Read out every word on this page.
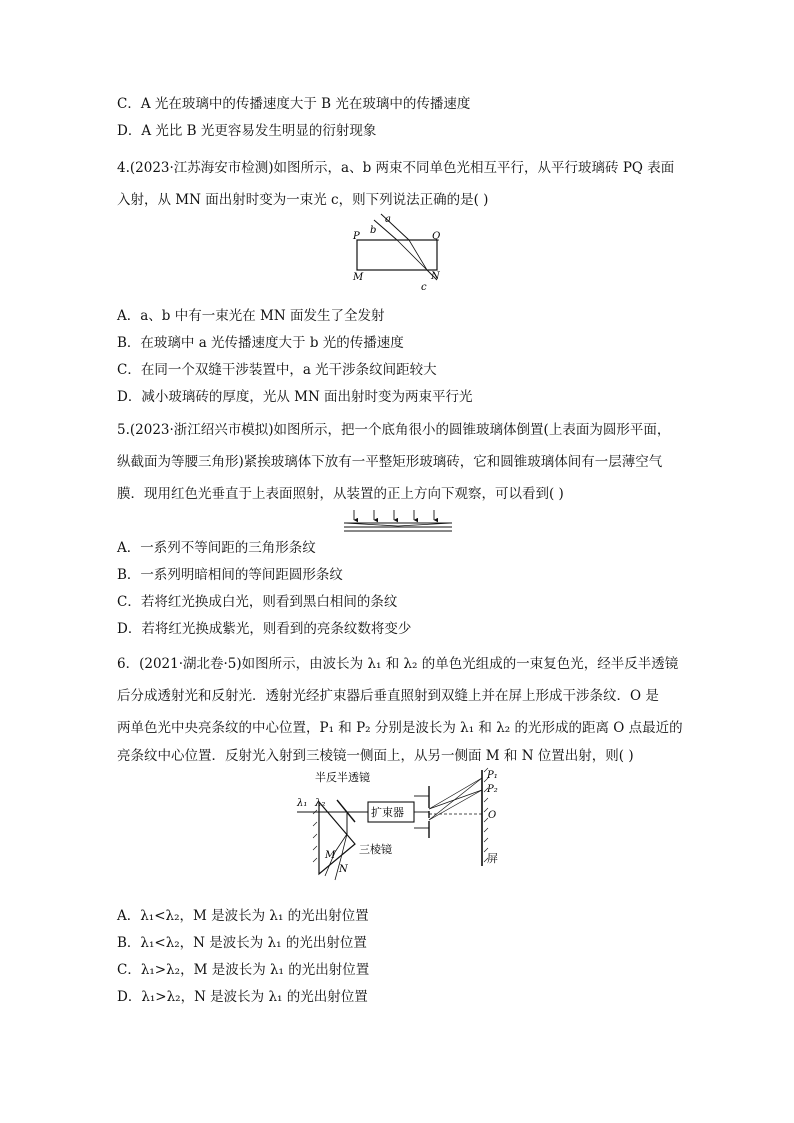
C．A 光在玻璃中的传播速度大于 B 光在玻璃中的传播速度
D．A 光比 B 光更容易发生明显的衍射现象
4.(2023·江苏海安市检测)如图所示，a、b 两束不同单色光相互平行，从平行玻璃砖 PQ 表面
入射，从 MN 面出射时变为一束光 c，则下列说法正确的是( )
P	Q
M	N
a
b
c
A．a、b 中有一束光在 MN 面发生了全发射
B．在玻璃中 a 光传播速度大于 b 光的传播速度
C．在同一个双缝干涉装置中，a 光干涉条纹间距较大
D．减小玻璃砖的厚度，光从 MN 面出射时变为两束平行光
5.(2023·浙江绍兴市模拟)如图所示，把一个底角很小的圆锥玻璃体倒置(上表面为圆形平面，
纵截面为等腰三角形)紧挨玻璃体下放有一平整矩形玻璃砖，它和圆锥玻璃体间有一层薄空气
膜．现用红色光垂直于上表面照射，从装置的正上方向下观察，可以看到( )
A．一系列不等间距的三角形条纹
B．一系列明暗相间的等间距圆形条纹
C．若将红光换成白光，则看到黑白相间的条纹
D．若将红光换成紫光，则看到的亮条纹数将变少
6．(2021·湖北卷·5)如图所示，由波长为 λ₁ 和 λ₂ 的单色光组成的一束复色光，经半反半透镜
后分成透射光和反射光．透射光经扩束器后垂直照射到双缝上并在屏上形成干涉条纹．O 是
两单色光中央亮条纹的中心位置，P₁ 和 P₂ 分别是波长为 λ₁ 和 λ₂ 的光形成的距离 O 点最近的
亮条纹中心位置．反射光入射到三棱镜一侧面上，从另一侧面 M 和 N 位置出射，则( )
半反半透镜
λ₁ λ₂
扩束器
P₁
P₂
O
屏
M
N
三棱镜
A．λ₁<λ₂，M 是波长为 λ₁ 的光出射位置
B．λ₁<λ₂，N 是波长为 λ₁ 的光出射位置
C．λ₁>λ₂，M 是波长为 λ₁ 的光出射位置
D．λ₁>λ₂，N 是波长为 λ₁ 的光出射位置
